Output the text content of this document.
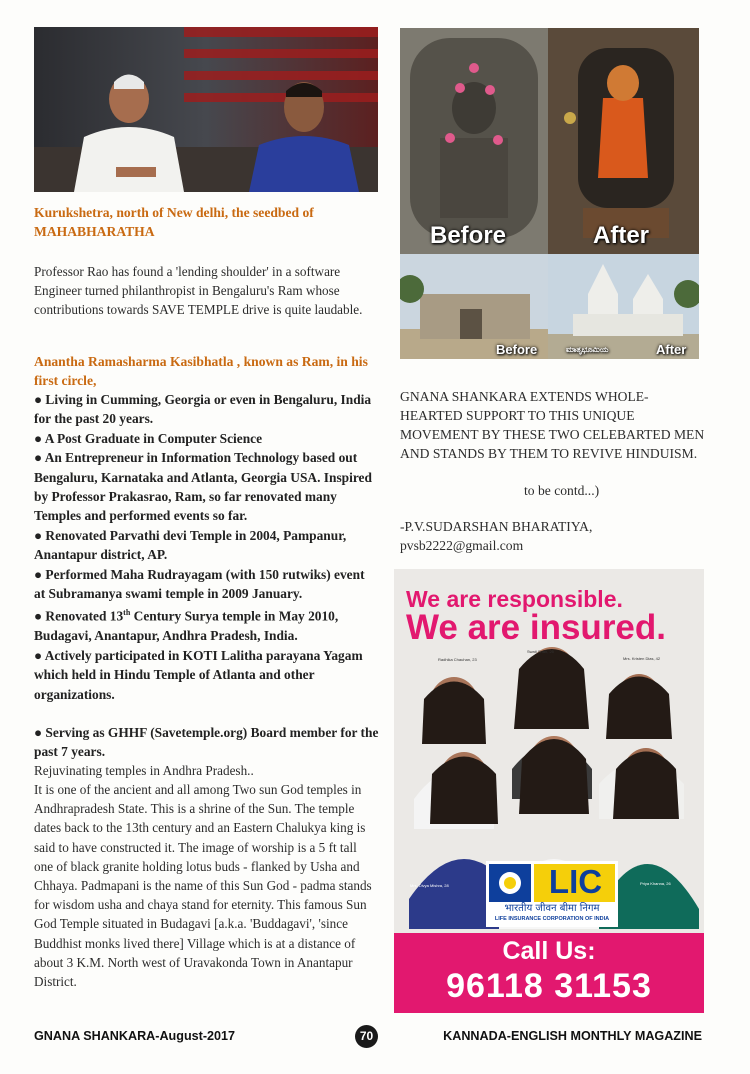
Kurukshetra, north of New delhi, the seedbed of MAHABHARATHA

Professor Rao has found a 'lending shoulder' in a software Engineer turned philanthropist in Bengaluru's Ram whose contributions towards SAVE TEMPLE drive is quite laudable.

Anantha Ramasharma Kasibhatla , known as Ram, in his first circle,
● Living in Cumming, Georgia or even in Bengaluru, India for the past 20 years.
● A Post Graduate in Computer Science
● An Entrepreneur in Information Technology based out Bengaluru, Karnataka and Atlanta, Georgia USA. Inspired by Professor Prakasrao, Ram, so far renovated many Temples and performed events so far.
● Renovated Parvathi devi Temple in 2004, Pampanur, Anantapur district, AP.
● Performed Maha Rudrayagam (with 150 rutwiks) event at Subramanya swami temple in 2009 January.
● Renovated 13th Century Surya temple in May 2010, Budagavi, Anantapur, Andhra Pradesh, India.
● Actively participated in KOTI Lalitha parayana Yagam which held in Hindu Temple of Atlanta and other organizations.
● Serving as GHHF (Savetemple.org) Board member for the past 7 years.
Rejuvinating temples in Andhra Pradesh..

It is one of the ancient and all among Two sun God temples in Andhrapradesh State. This is a shrine of the Sun. The temple dates back to the 13th century and an Eastern Chalukya king is said to have constructed it. The image of worship is a 5 ft tall one of black granite holding lotus buds - flanked by Usha and Chhaya. Padmapani is the name of this Sun God - padma stands for wisdom usha and chaya stand for eternity. This famous Sun God Temple situated in Budagavi [a.k.a. 'Buddagavi', 'since Buddhist monks lived there] Village which is at a distance of about 3 K.M. North west of Uravakonda Town in Anantapur District.

Before	After
Before	After
ಮಾತೃಭೂಮಿಯ

GNANA SHANKARA EXTENDS WHOLE-HEARTED SUPPORT TO THIS UNIQUE MOVEMENT BY THESE TWO CELEBARTED MEN AND STANDS BY THEM TO REVIVE HINDUISM.

to be contd...)
-P.V.SUDARSHAN BHARATIYA,
pvsb2222@gmail.com
We are responsible.
We are insured.
Radhika Chauhan, 23
Swati Shah, 25
Mrs. Kristen Dias, 42
Mrs. Divya Mishra, 28	Priya Khanna, 26
LIC
भारतीय जीवन बीमा निगम
LIFE INSURANCE CORPORATION OF INDIA
Call Us:
96118 31153
GNANA SHANKARA-August-2017	70	KANNADA-ENGLISH MONTHLY MAGAZINE
